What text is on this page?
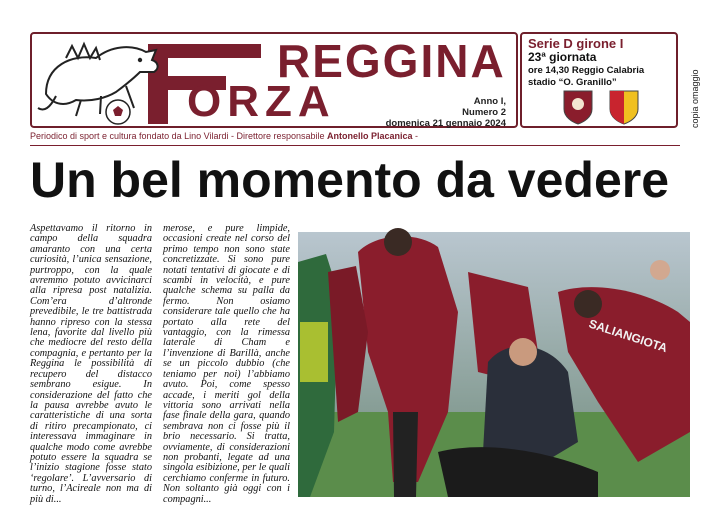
REGGINA
ORZA	Anno I,
Numero 2
domenica 21 gennaio 2024
Serie D girone I
23ª giornata
ore 14,30 Reggio Calabria
stadio “O. Granillo”	copia omaggio
Periodico di sport e cultura fondato da Lino Vilardi - Direttore responsabile Antonello Placanica -
Un bel momento da vedere

Aspettavamo il ritorno in campo della squadra amaranto con una certa curiosità, l’unica sensazione, purtroppo, con la quale avremmo potuto avvicinarci alla ripresa post natalizia. Com’era d’altronde prevedibile, le tre battistrada hanno ripreso con la stessa lena, favorite dal livello più che mediocre del resto della compagnia, e pertanto per la Reggina le possibilità di recupero del distacco sembrano esigue. In considerazione del fatto che la pausa avrebbe avuto le caratteristiche di una sorta di ritiro precampionato, ci interessava immaginare in qualche modo come avrebbe potuto essere la squadra se l’inizio stagione fosse stato ‘regolare’. L’avversario di turno, l’Acireale non ma di più di...

merose, e pure limpide, occasioni create nel corso del primo tempo non sono state concretizzate. Si sono pure notati tentativi di giocate e di scambi in velocità, e pure qualche schema su palla da fermo. Non osiamo considerare tale quello che ha portato alla rete del vantaggio, con la rimessa laterale di Cham e l’invenzione di Barillà, anche se un piccolo dubbio (che teniamo per noi) l’abbiamo avuto. Poi, come spesso accade, i meriti gol della vittoria sono arrivati nella fase finale della gara, quando sembrava non ci fosse più il brio necessario. Si tratta, ovviamente, di considerazioni non probanti, legate ad una singola esibizione, per le quali cerchiamo conferme in futuro. Non soltanto già oggi con i compagni...

SALIANGIOTA
